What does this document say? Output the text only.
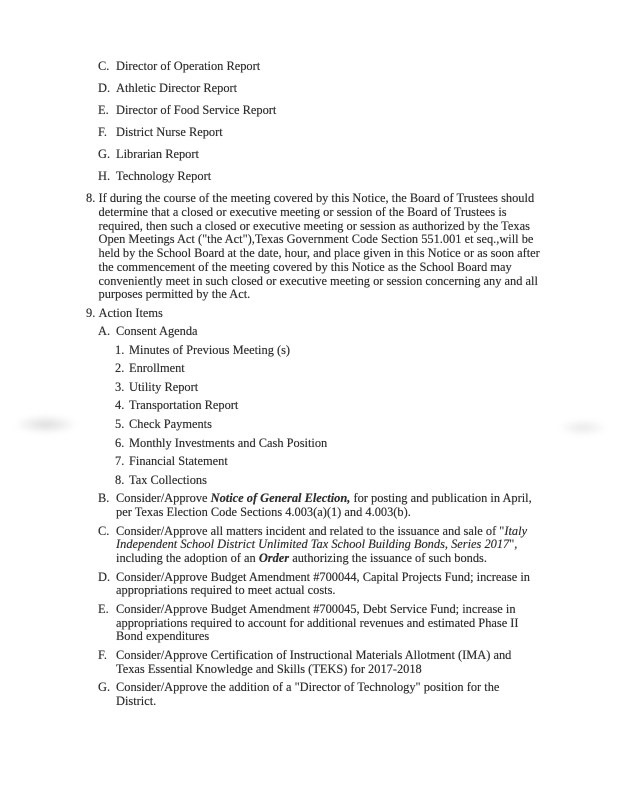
C. Director of Operation Report
D. Athletic Director Report
E. Director of Food Service Report
F. District Nurse Report
G. Librarian Report
H. Technology Report
8. If during the course of the meeting covered by this Notice, the Board of Trustees should determine that a closed or executive meeting or session of the Board of Trustees is required, then such a closed or executive meeting or session as authorized by the Texas Open Meetings Act ("the Act"),Texas Government Code Section 551.001 et seq.,will be held by the School Board at the date, hour, and place given in this Notice or as soon after the commencement of the meeting covered by this Notice as the School Board may conveniently meet in such closed or executive meeting or session concerning any and all purposes permitted by the Act.
9. Action Items
A. Consent Agenda
1. Minutes of Previous Meeting (s)
2. Enrollment
3. Utility Report
4. Transportation Report
5. Check Payments
6. Monthly Investments and Cash Position
7. Financial Statement
8. Tax Collections
B. Consider/Approve Notice of General Election, for posting and publication in April, per Texas Election Code Sections 4.003(a)(1) and 4.003(b).
C. Consider/Approve all matters incident and related to the issuance and sale of "Italy Independent School District Unlimited Tax School Building Bonds, Series 2017", including the adoption of an Order authorizing the issuance of such bonds.
D. Consider/Approve Budget Amendment #700044, Capital Projects Fund; increase in appropriations required to meet actual costs.
E. Consider/Approve Budget Amendment #700045, Debt Service Fund; increase in appropriations required to account for additional revenues and estimated Phase II Bond expenditures
F. Consider/Approve Certification of Instructional Materials Allotment (IMA) and Texas Essential Knowledge and Skills (TEKS) for 2017-2018
G. Consider/Approve the addition of a "Director of Technology" position for the District.
